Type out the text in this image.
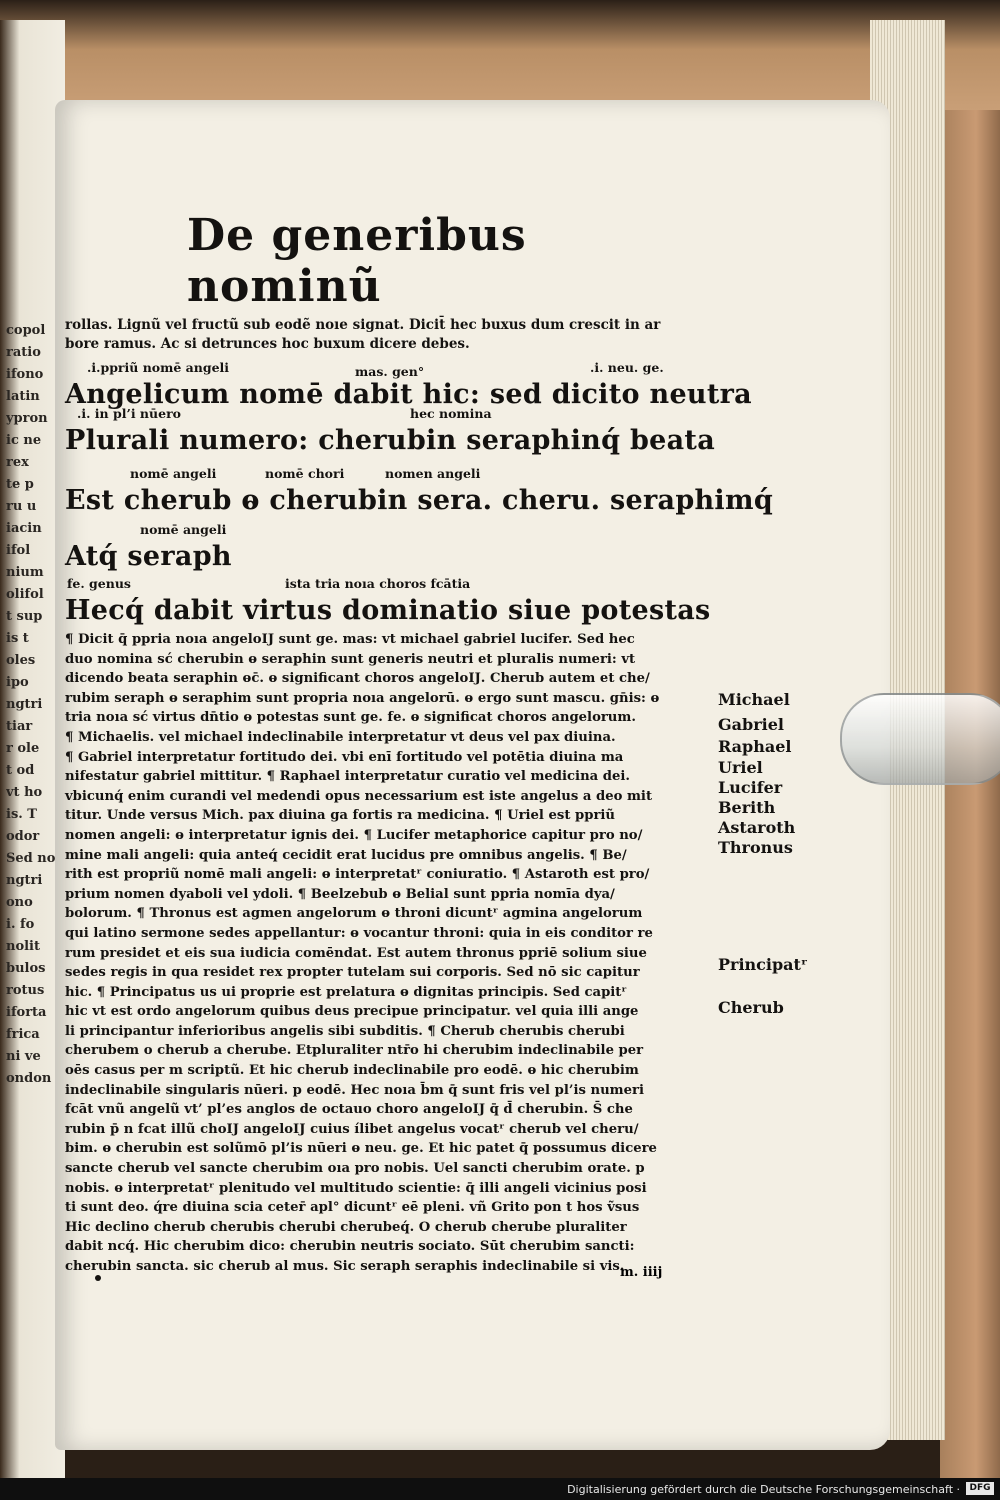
copol
ratio
ifono
latin
ypron
ic ne
rex
te p
ru u
iacin
ifol
nium
olifol
t sup
is t
oles
ipo
ngtri
tiar
r ole
t od
vt ho
is. T
odor
Sed no
ngtri
ono
i. fo
nolit
bulos
rotus
iforta
frica
ni ve
ondon
De generibus nominũ

rollas. Lignũ vel fructũ sub eodẽ noıe signat. Dicit̄ hec buxus dum crescit in ar

bore ramus. Ac si detrunces hoc buxum dicere debes.

.i.ppriũ nomē angeli	mas. gen°	.i. neu. ge.
Angelicum nomē dabit hic: sed dicito neutra
.i. in pl’i nūero	hec nomina
Plurali numero: cherubin seraphinq́ beata
nomē angeli	nomē chori	nomen angeli
Est cherub ⱺ cherubin sera. cheru. seraphimq́
nomē angeli
Atq́ seraph
fe. genus	ista tria noıa choros fcātia
Hecq́ dabit virtus dominatio siue potestas

¶ Dicit q̄ ppria noıa angeloĲ sunt ge. mas: vt michael gabriel lucifer. Sed hec

duo nomina sć cherubin ⱺ seraphin sunt generis neutri et pluralis numeri: vt

dicendo beata seraphin ⱺc̄. ⱺ significant choros angeloĲ. Cherub autem et che/

rubim seraph ⱺ seraphim sunt propria noıa angelorū. ⱺ ergo sunt mascu. gn̄is: ⱺ

tria noıa sć virtus dn̄tio ⱺ potestas sunt ge. fe. ⱺ significat choros angelorum.

¶ Michaelis. vel michael indeclinabile interpretatur vt deus vel pax diuina.

¶ Gabriel interpretatur fortitudo dei. vbi enī fortitudo vel potētia diuina ma

nifestatur gabriel mittitur. ¶ Raphael interpretatur curatio vel medicina dei.

vbicunq́ enim curandi vel medendi opus necessarium est iste angelus a deo mit

titur. Unde versus Mich. pax diuina ga fortis ra medicina. ¶ Uriel est ppriũ

nomen angeli: ⱺ interpretatur ignis dei. ¶ Lucifer metaphorice capitur pro no/

mine mali angeli: quia anteq́ cecidit erat lucidus pre omnibus angelis. ¶ Be/

rith est propriũ nomē mali angeli: ⱺ interpretatʳ coniuratio. ¶ Astaroth est pro/

prium nomen dyaboli vel ydoli. ¶ Beelzebub ⱺ Belial sunt ppria nomīa dya/

bolorum. ¶ Thronus est agmen angelorum ⱺ throni dicuntʳ agmina angelorum

qui latino sermone sedes appellantur: ⱺ vocantur throni: quia in eis conditor re

rum presidet et eis sua iudicia comēndat. Est autem thronus ppriē solium siue

sedes regis in qua residet rex propter tutelam sui corporis. Sed nō sic capitur

hic. ¶ Principatus us ui proprie est prelatura ⱺ dignitas principis. Sed capitʳ

hic vt est ordo angelorum quibus deus precipue principatur. vel quia illi ange

li principantur inferioribus angelis sibi subditis. ¶ Cherub cherubis cherubi

cherubem o cherub a cherube. Etpluraliter ntr̄o hi cherubim indeclinabile per

oēs casus per m scriptũ. Et hic cherub indeclinabile pro eodē. ⱺ hic cherubim

indeclinabile singularis nūeri. p eodē. Hec noıa b̄m q̄ sunt fris vel pl’is numeri

fcāt vnũ angelũ vt’ pl’es anglos de octauo choro angeloĲ q̄ d̄ cherubin. S̄ che

rubin p̄ n fcat illũ choĲ angeloĲ cuius ı́libet angelus vocatʳ cherub vel cheru/

bim. ⱺ cherubin est solũmō pl’is nūeri ⱺ neu. ge. Et hic patet q̄ possumus dicere

sancte cherub vel sancte cherubim oıa pro nobis. Uel sancti cherubim orate. p

nobis. ⱺ interpretatʳ plenitudo vel multitudo scientie: q̄ illi angeli vicinius posi

ti sunt deo. q́re diuina scia ceter̄ apl° dicuntʳ eē pleni. vñ Grito pon t hos ṽsus

Hic declino cherub cherubis cherubi cherubeq́. O cherub cherube pluraliter

dabit ncq́. Hic cherubim dico: cherubin neutris sociato. Sūt cherubim sancti:

cherubin sancta. sic cherub al mus. Sic seraph seraphis indeclinabile si vis.

Michael
Gabriel
Raphael
Uriel
Lucifer
Berith
Astaroth
Thronus
Principatʳ
Cherub
m. iiij
Digitalisierung gefördert durch die Deutsche Forschungsgemeinschaft ·	DFG
